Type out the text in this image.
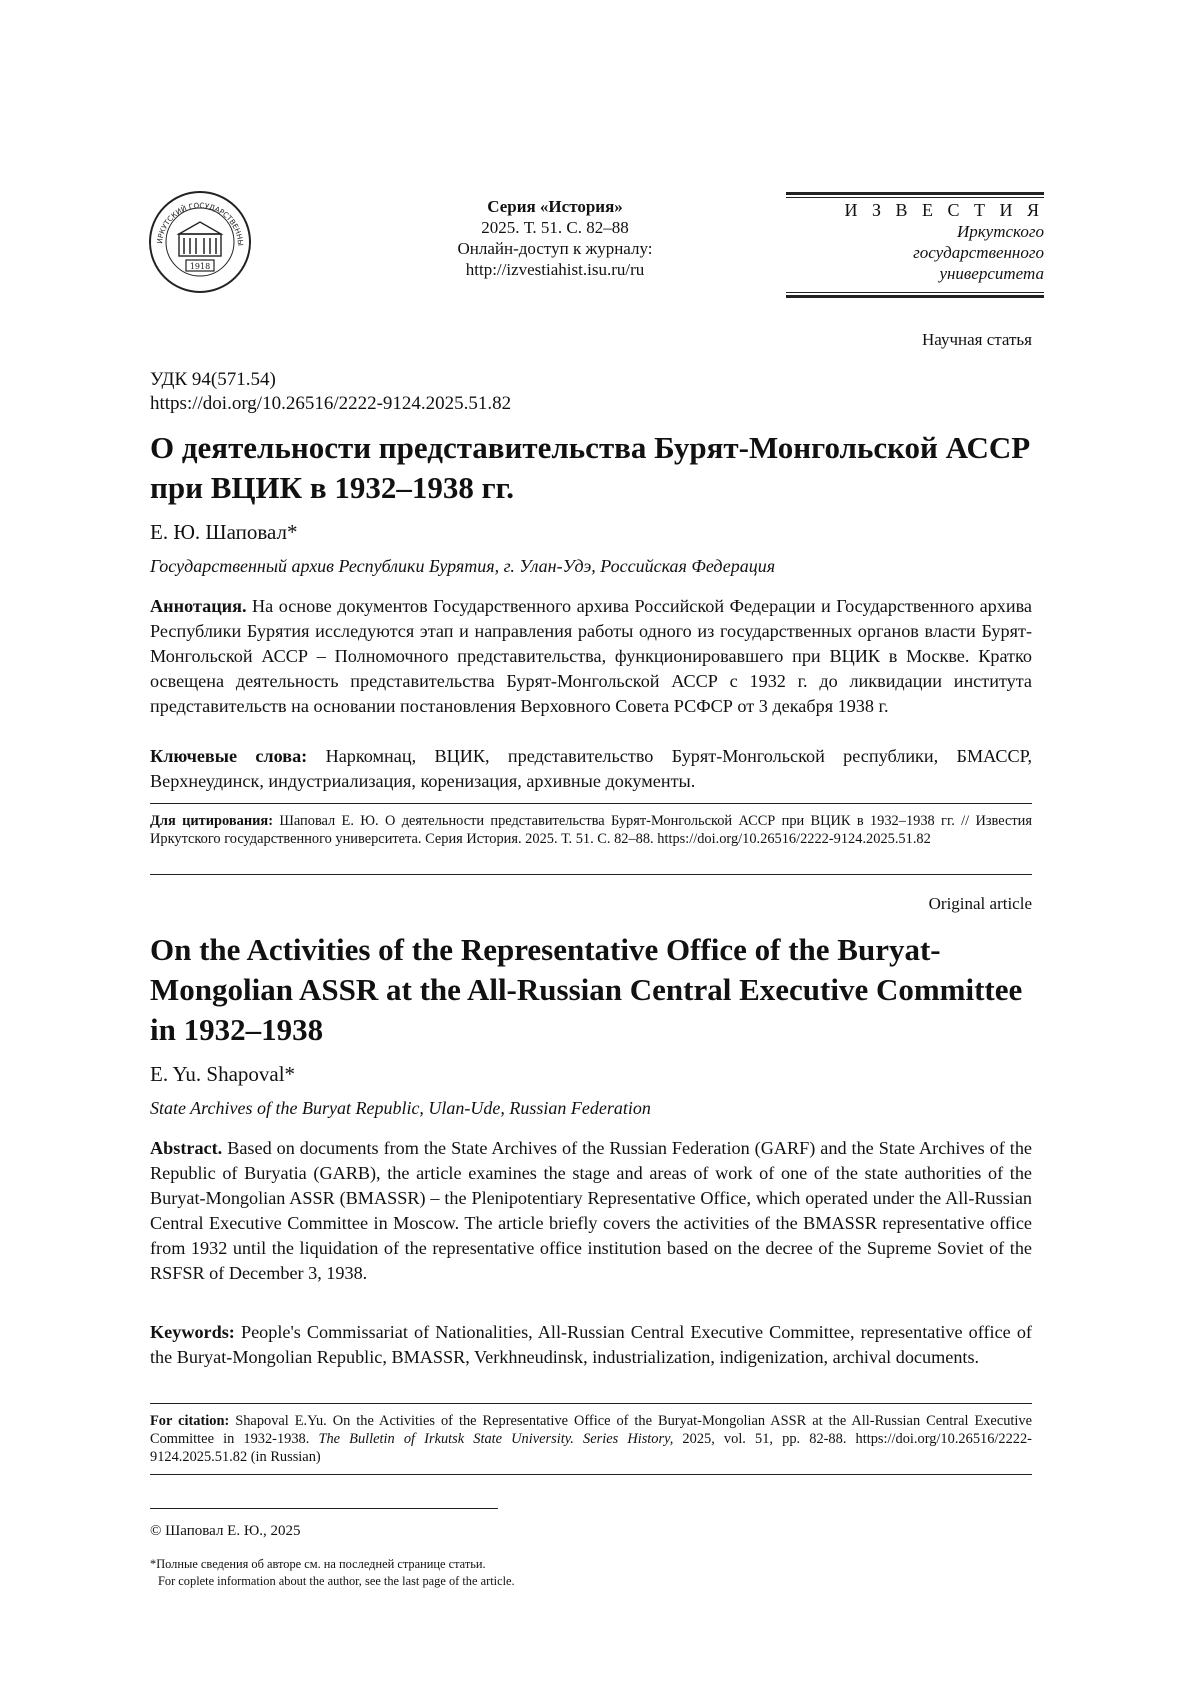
ИРКУТСКИЙ ГОСУДАРСТВЕННЫ
1918
Серия «История»
2025. Т. 51. С. 82–88
Онлайн-доступ к журналу:
http://izvestiahist.isu.ru/ru
И З В Е С Т И Я
Иркутского
государственного
университета
Научная статья
УДК 94(571.54)
https://doi.org/10.26516/2222-9124.2025.51.82
О деятельности представительства Бурят-Монгольской АССР при ВЦИК в 1932–1938 гг.
Е. Ю. Шаповал*
Государственный архив Республики Бурятия, г. Улан-Удэ, Российская Федерация
Аннотация. На основе документов Государственного архива Российской Федерации и Государственного архива Республики Бурятия исследуются этап и направления работы одного из государственных органов власти Бурят-Монгольской АССР – Полномочного представительства, функционировавшего при ВЦИК в Москве. Кратко освещена деятельность представительства Бурят-Монгольской АССР с 1932 г. до ликвидации института представительств на основании постановления Верховного Совета РСФСР от 3 декабря 1938 г.
Ключевые слова: Наркомнац, ВЦИК, представительство Бурят-Монгольской республики, БМАССР, Верхнеудинск, индустриализация, коренизация, архивные документы.
Для цитирования: Шаповал Е. Ю. О деятельности представительства Бурят-Монгольской АССР при ВЦИК в 1932–1938 гг. // Известия Иркутского государственного университета. Серия История. 2025. Т. 51. С. 82–88. https://doi.org/10.26516/2222-9124.2025.51.82
Original article
On the Activities of the Representative Office of the Buryat-Mongolian ASSR at the All-Russian Central Executive Committee in 1932–1938
E. Yu. Shapoval*
State Archives of the Buryat Republic, Ulan-Ude, Russian Federation
Abstract. Based on documents from the State Archives of the Russian Federation (GARF) and the State Archives of the Republic of Buryatia (GARB), the article examines the stage and areas of work of one of the state authorities of the Buryat-Mongolian ASSR (BMASSR) – the Plenipotentiary Representative Office, which operated under the All-Russian Central Executive Committee in Moscow. The article briefly covers the activities of the BMASSR representative office from 1932 until the liquidation of the representative office institution based on the decree of the Supreme Soviet of the RSFSR of December 3, 1938.
Keywords: People's Commissariat of Nationalities, All-Russian Central Executive Committee, representative office of the Buryat-Mongolian Republic, BMASSR, Verkhneudinsk, industrialization, indigenization, archival documents.
For citation: Shapoval E.Yu. On the Activities of the Representative Office of the Buryat-Mongolian ASSR at the All-Russian Central Executive Committee in 1932-1938. The Bulletin of Irkutsk State University. Series History, 2025, vol. 51, pp. 82-88. https://doi.org/10.26516/2222-9124.2025.51.82 (in Russian)
© Шаповал Е. Ю., 2025
*Полные сведения об авторе см. на последней странице статьи.
For coplete information about the author, see the last page of the article.
